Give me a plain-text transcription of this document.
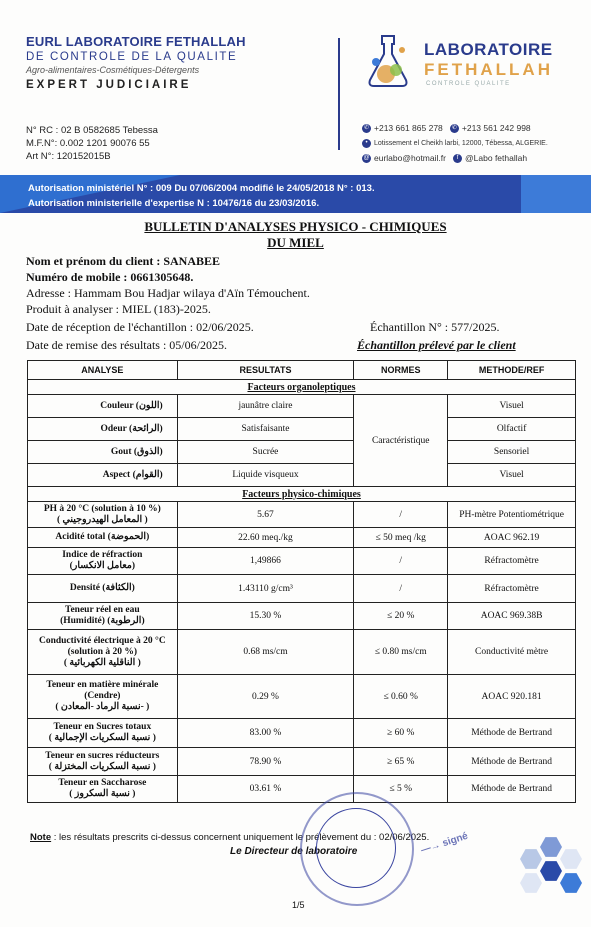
EURL LABORATOIRE FETHALLAH
DE CONTROLE DE LA QUALITE
Agro-alimentaires-Cosmétiques-Détergents
EXPERT JUDICIAIRE
LABORATOIRE
FETHALLAH
CONTROLE QUALITE
N° RC : 02 B 0582685 Tebessa
M.F.N°: 0.002 1201 90076 55
Art N°: 120152015B
✆ +213 661 865 278 ✆ +213 561 242 998
• Lotissement el Cheikh larbi, 12000, Tébessa, ALGERIE.
@ eurlabo@hotmail.fr f @Labo fethallah
Autorisation ministériel N° : 009 Du 07/06/2004 modifié le 24/05/2018 N° : 013.
Autorisation ministerielle d'expertise N : 10476/16 du 23/03/2016.
BULLETIN D'ANALYSES PHYSICO - CHIMIQUES
DU MIEL
Nom et prénom du client : SANABEE
Numéro de mobile : 0661305648.
Adresse : Hammam Bou Hadjar wilaya d'Aïn Témouchent.
Produit à analyser : MIEL (183)-2025.
Date de réception de l'échantillon : 02/06/2025.	Échantillon N° : 577/2025.
Date de remise des résultats : 05/06/2025.	Échantillon prélevé par le client
ANALYSE	RESULTATS	NORMES	METHODE/REF
Facteurs organoleptiques			
Couleur (اللون)	jaunâtre claire	Caractéristique	Visuel
Odeur (الرائحة)	Satisfaisante		Olfactif
Gout (الذوق)	Sucrée		Sensoriel
Aspect (القوام)	Liquide visqueux		Visuel
Facteurs physico-chimiques			

PH à 20 °C (solution à 10 %)
( المعامل الهيدروجيني )	5.67	/	PH-mètre Potentiométrique
Acidité total (الحموضة)	22.60 meq./kg	≤ 50 meq /kg	AOAC 962.19

Indice de réfraction
(معامل الانكسار)	1,49866	/	Réfractomètre
Densité (الكثافة)	1.43110 g/cm³	/	Réfractomètre

Teneur réel en eau
(Humidité) (الرطوبة)	15.30 %	≤ 20 %	AOAC 969.38B

Conductivité électrique à 20 °C (solution à 20 %)
( الناقلية الكهربائية )	0.68 ms/cm	≤ 0.80 ms/cm	Conductivité mètre

Teneur en matière minérale (Cendre)
( نسبة الرماد -المعادن- )	0.29 %	≤ 0.60 %	AOAC 920.181

Teneur en Sucres totaux
( نسبة السكريات الإجمالية )	83.00 %	≥ 60 %	Méthode de Bertrand

Teneur en sucres réducteurs
( نسبة السكريات المختزلة )	78.90 %	≥ 65 %	Méthode de Bertrand

Teneur en Saccharose
( نسبة السكروز )	03.61 %	≤ 5 %	Méthode de Bertrand
Note : les résultats prescrits ci-dessus concernent uniquement le prélèvement du : 02/06/2025.
Le Directeur de laboratoire	—→ signé
1/5
